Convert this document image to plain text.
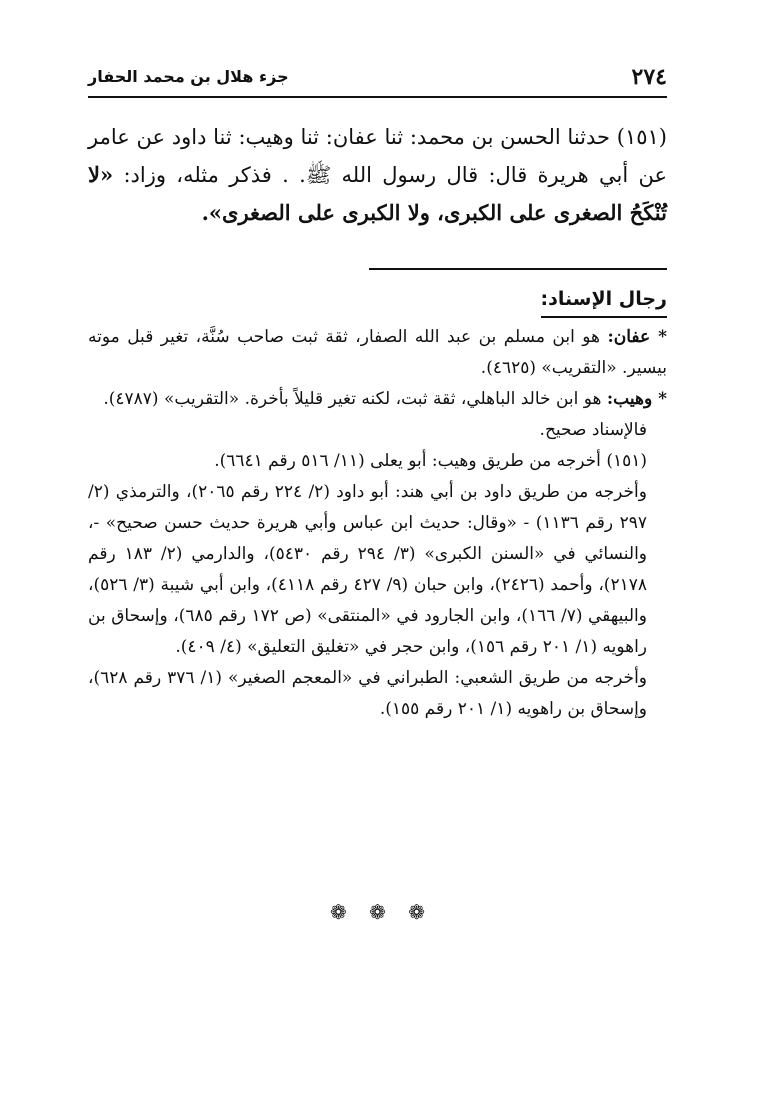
٢٧٤
جزء هلال بن محمد الحفار

(١٥١) حدثنا الحسن بن محمد: ثنا عفان: ثنا وهيب: ثنا داود عن عامر عن أبي هريرة قال: قال رسول الله ﷺ. . فذكر مثله، وزاد: «لا تُنْكَحُ الصغرى على الكبرى، ولا الكبرى على الصغرى».

رجال الإسناد:

* عفان: هو ابن مسلم بن عبد الله الصفار، ثقة ثبت صاحب سُنَّة، تغير قبل موته بيسير. «التقريب» (٤٦٢٥).

* وهيب: هو ابن خالد الباهلي، ثقة ثبت، لكنه تغير قليلاً بأخرة. «التقريب» (٤٧٨٧).

فالإسناد صحيح.

(١٥١) أخرجه من طريق وهيب: أبو يعلى (١١/ ٥١٦ رقم ٦٦٤١).

وأخرجه من طريق داود بن أبي هند: أبو داود (٢/ ٢٢٤ رقم ٢٠٦٥)، والترمذي (٢/ ٢٩٧ رقم ١١٣٦) - «وقال: حديث ابن عباس وأبي هريرة حديث حسن صحيح» -، والنسائي في «السنن الكبرى» (٣/ ٢٩٤ رقم ٥٤٣٠)، والدارمي (٢/ ١٨٣ رقم ٢١٧٨)، وأحمد (٢٤٢٦)، وابن حبان (٩/ ٤٢٧ رقم ٤١١٨)، وابن أبي شيبة (٣/ ٥٢٦)، والبيهقي (٧/ ١٦٦)، وابن الجارود في «المنتقى» (ص ١٧٢ رقم ٦٨٥)، وإسحاق بن راهويه (١/ ٢٠١ رقم ١٥٦)، وابن حجر في «تغليق التعليق» (٤/ ٤٠٩).

وأخرجه من طريق الشعبي: الطبراني في «المعجم الصغير» (١/ ٣٧٦ رقم ٦٢٨)، وإسحاق بن راهويه (١/ ٢٠١ رقم ١٥٥).

❁ ❁ ❁
